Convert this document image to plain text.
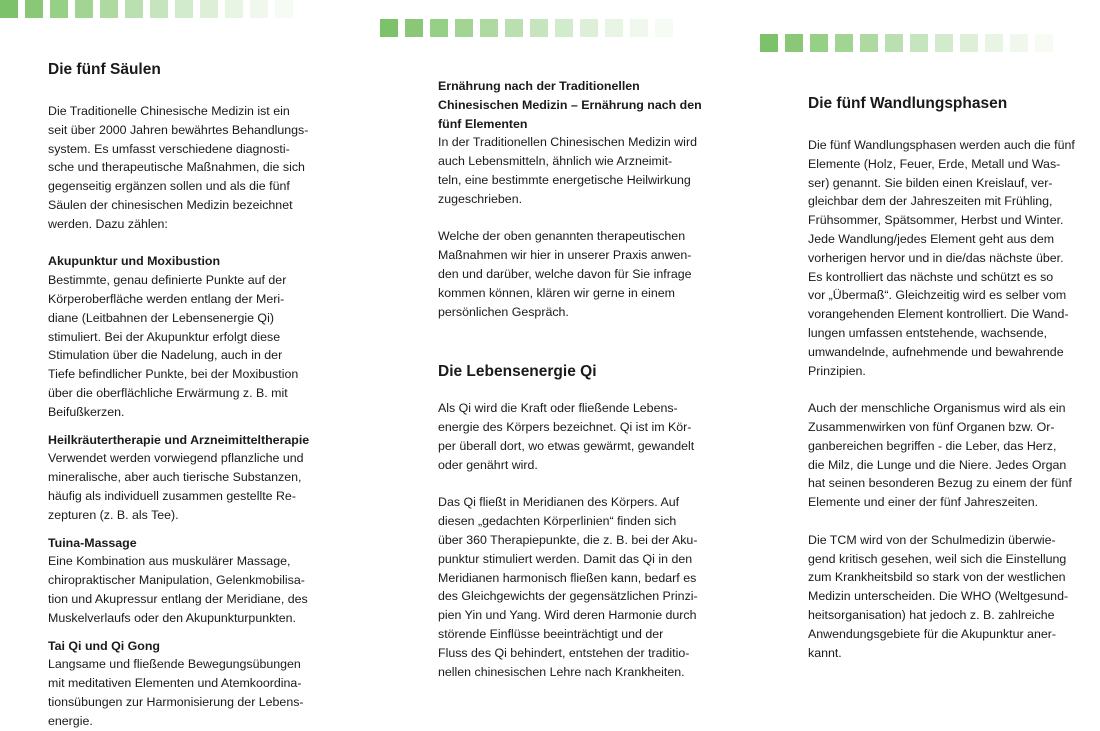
Die fünf Säulen

Die Traditionelle Chinesische Medizin ist ein
seit über 2000 Jahren bewährtes Behandlungs-
system. Es umfasst verschiedene diagnosti-
sche und therapeutische Maßnahmen, die sich
gegenseitig ergänzen sollen und als die fünf
Säulen der chinesischen Medizin bezeichnet
werden. Dazu zählen:

Akupunktur und Moxibustion

Bestimmte, genau definierte Punkte auf der
Körperoberfläche werden entlang der Meri-
diane (Leitbahnen der Lebensenergie Qi)
stimuliert. Bei der Akupunktur erfolgt diese
Stimulation über die Nadelung, auch in der
Tiefe befindlicher Punkte, bei der Moxibustion
über die oberflächliche Erwärmung z. B. mit
Beifußkerzen.

Heilkräutertherapie und Arzneimitteltherapie

Verwendet werden vorwiegend pflanzliche und
mineralische, aber auch tierische Substanzen,
häufig als individuell zusammen gestellte Re-
zepturen (z. B. als Tee).

Tuina-Massage

Eine Kombination aus muskulärer Massage,
chiropraktischer Manipulation, Gelenkmobilisa-
tion und Akupressur entlang der Meridiane, des
Muskelverlaufs oder den Akupunkturpunkten.

Tai Qi und Qi Gong

Langsame und fließende Bewegungsübungen
mit meditativen Elementen und Atemkoordina-
tionsübungen zur Harmonisierung der Lebens-
energie.

Ernährung nach der Traditionellen
Chinesischen Medizin – Ernährung nach den
fünf Elementen

In der Traditionellen Chinesischen Medizin wird
auch Lebensmitteln, ähnlich wie Arzneimit-
teln, eine bestimmte energetische Heilwirkung
zugeschrieben.

Welche der oben genannten therapeutischen
Maßnahmen wir hier in unserer Praxis anwen-
den und darüber, welche davon für Sie infrage
kommen können, klären wir gerne in einem
persönlichen Gespräch.

Die Lebensenergie Qi

Als Qi wird die Kraft oder fließende Lebens-
energie des Körpers bezeichnet. Qi ist im Kör-
per überall dort, wo etwas gewärmt, gewandelt
oder genährt wird.

Das Qi fließt in Meridianen des Körpers. Auf
diesen „gedachten Körperlinien“ finden sich
über 360 Therapiepunkte, die z. B. bei der Aku-
punktur stimuliert werden. Damit das Qi in den
Meridianen harmonisch fließen kann, bedarf es
des Gleichgewichts der gegensätzlichen Prinzi-
pien Yin und Yang. Wird deren Harmonie durch
störende Einflüsse beeinträchtigt und der
Fluss des Qi behindert, entstehen der traditio-
nellen chinesischen Lehre nach Krankheiten.

Die fünf Wandlungsphasen

Die fünf Wandlungsphasen werden auch die fünf
Elemente (Holz, Feuer, Erde, Metall und Was-
ser) genannt. Sie bilden einen Kreislauf, ver-
gleichbar dem der Jahreszeiten mit Frühling,
Frühsommer, Spätsommer, Herbst und Winter.
Jede Wandlung/jedes Element geht aus dem
vorherigen hervor und in die/das nächste über.
Es kontrolliert das nächste und schützt es so
vor „Übermaß“. Gleichzeitig wird es selber vom
vorangehenden Element kontrolliert. Die Wand-
lungen umfassen entstehende, wachsende,
umwandelnde, aufnehmende und bewahrende
Prinzipien.

Auch der menschliche Organismus wird als ein
Zusammenwirken von fünf Organen bzw. Or-
ganbereichen begriffen - die Leber, das Herz,
die Milz, die Lunge und die Niere. Jedes Organ
hat seinen besonderen Bezug zu einem der fünf
Elemente und einer der fünf Jahreszeiten.

Die TCM wird von der Schulmedizin überwie-
gend kritisch gesehen, weil sich die Einstellung
zum Krankheitsbild so stark von der westlichen
Medizin unterscheiden. Die WHO (Weltgesund-
heitsorganisation) hat jedoch z. B. zahlreiche
Anwendungsgebiete für die Akupunktur aner-
kannt.
